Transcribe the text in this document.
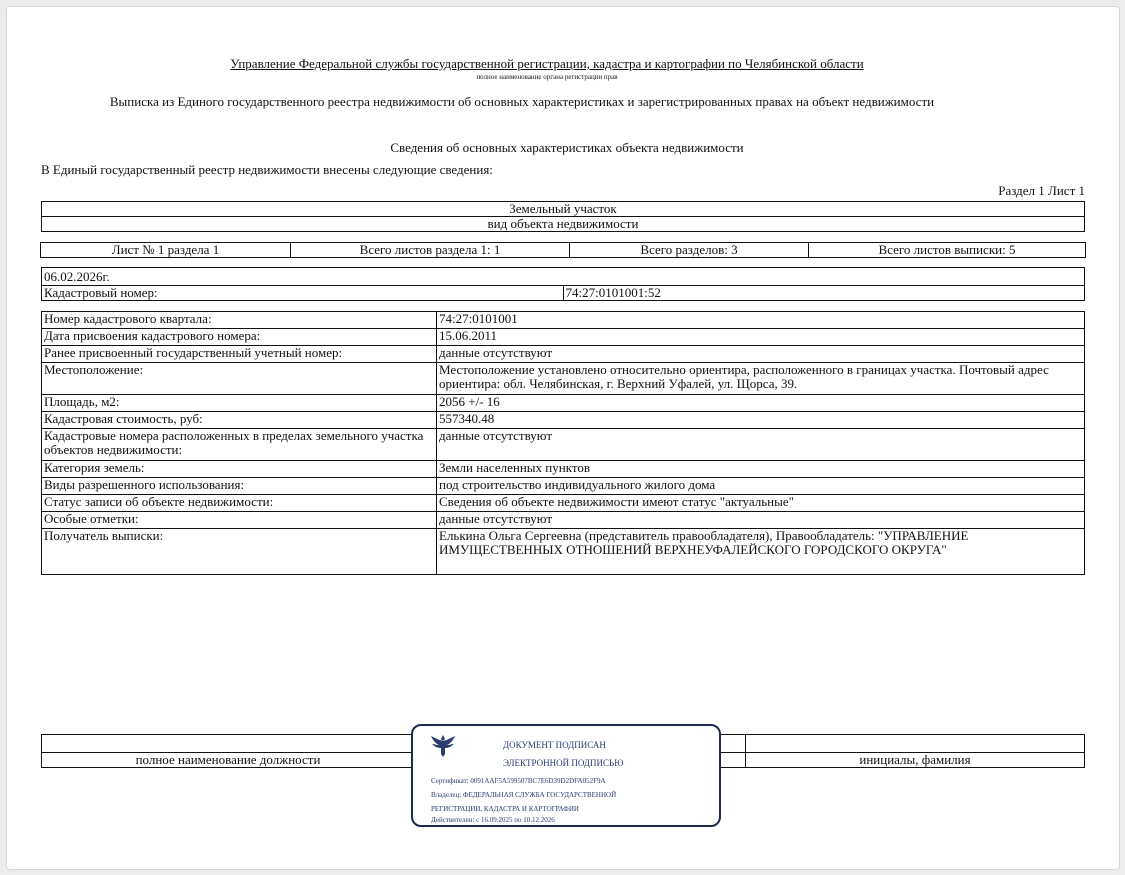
Управление Федеральной службы государственной регистрации, кадастра и картографии по Челябинской области
полное наименование органа регистрации прав
Выписка из Единого государственного реестра недвижимости об основных характеристиках и зарегистрированных правах на объект недвижимости
Сведения об основных характеристиках объекта недвижимости
В Единый государственный реестр недвижимости внесены следующие сведения:
Раздел 1 Лист 1
Земельный участок
вид объекта недвижимости
Лист № 1 раздела 1	Всего листов раздела 1: 1	Всего разделов: 3	Всего листов выписки: 5
06.02.2026г.
Кадастровый номер:	74:27:0101001:52
Номер кадастрового квартала:	74:27:0101001
Дата присвоения кадастрового номера:	15.06.2011
Ранее присвоенный государственный учетный номер:	данные отсутствуют
Местоположение:	Местоположение установлено относительно ориентира, расположенного в границах участка. Почтовый адрес ориентира: обл. Челябинская, г. Верхний Уфалей, ул. Щорса, 39.
Площадь, м2:	2056 +/- 16
Кадастровая стоимость, руб:	557340.48
Кадастровые номера расположенных в пределах земельного участка объектов недвижимости:	данные отсутствуют
Категория земель:	Земли населенных пунктов
Виды разрешенного использования:	под строительство индивидуального жилого дома
Статус записи об объекте недвижимости:	Сведения об объекте недвижимости имеют статус "актуальные"
Особые отметки:	данные отсутствуют
Получатель выписки:	Елькина Ольга Сергеевна (представитель правообладателя), Правообладатель: "УПРАВЛЕНИЕ ИМУЩЕСТВЕННЫХ ОТНОШЕНИЙ ВЕРХНЕУФАЛЕЙСКОГО ГОРОДСКОГО ОКРУГА"

полное наименование должности		инициалы, фамилия
ДОКУМЕНТ ПОДПИСАН
ЭЛЕКТРОННОЙ ПОДПИСЬЮ
Сертификат: 0091AAF5A599507BC7E6D39D2DFA052F9A
Владелец: ФЕДЕРАЛЬНАЯ СЛУЖБА ГОСУДАРСТВЕННОЙ
РЕГИСТРАЦИИ, КАДАСТРА И КАРТОГРАФИИ
Действителен: с 16.09.2025 по 10.12.2026
